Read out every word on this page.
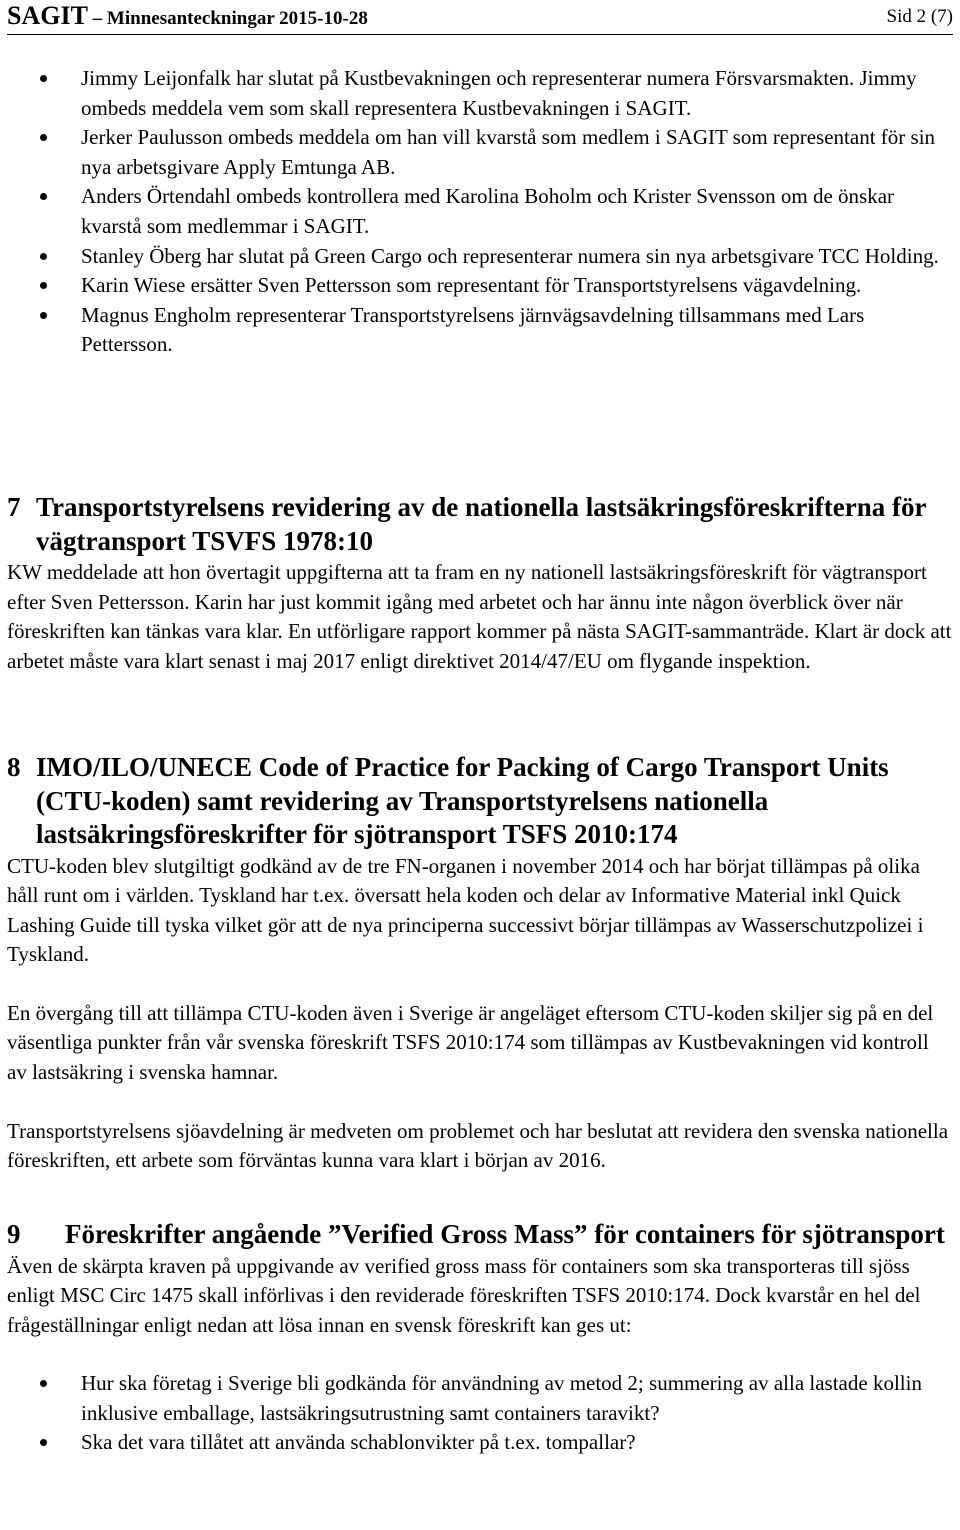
SAGIT – Minnesanteckningar 2015-10-28	Sid 2 (7)
Jimmy Leijonfalk har slutat på Kustbevakningen och representerar numera Försvarsmakten. Jimmy ombeds meddela vem som skall representera Kustbevakningen i SAGIT.
Jerker Paulusson ombeds meddela om han vill kvarstå som medlem i SAGIT som representant för sin nya arbetsgivare Apply Emtunga AB.
Anders Örtendahl ombeds kontrollera med Karolina Boholm och Krister Svensson om de önskar kvarstå som medlemmar i SAGIT.
Stanley Öberg har slutat på Green Cargo och representerar numera sin nya arbetsgivare TCC Holding.
Karin Wiese ersätter Sven Pettersson som representant för Transportstyrelsens vägavdelning.
Magnus Engholm representerar Transportstyrelsens järnvägsavdelning tillsammans med Lars Pettersson.
7 Transportstyrelsens revidering av de nationella lastsäkringsföreskrifterna för vägtransport TSVFS 1978:10

KW meddelade att hon övertagit uppgifterna att ta fram en ny nationell lastsäkringsföreskrift för vägtransport efter Sven Pettersson. Karin har just kommit igång med arbetet och har ännu inte någon överblick över när föreskriften kan tänkas vara klar. En utförligare rapport kommer på nästa SAGIT-sammanträde. Klart är dock att arbetet måste vara klart senast i maj 2017 enligt direktivet 2014/47/EU om flygande inspektion.

8 IMO/ILO/UNECE Code of Practice for Packing of Cargo Transport Units (CTU-koden) samt revidering av Transportstyrelsens nationella lastsäkringsföreskrifter för sjötransport TSFS 2010:174

CTU-koden blev slutgiltigt godkänd av de tre FN-organen i november 2014 och har börjat tillämpas på olika håll runt om i världen. Tyskland har t.ex. översatt hela koden och delar av Informative Material inkl Quick Lashing Guide till tyska vilket gör att de nya principerna successivt börjar tillämpas av Wasserschutzpolizei i Tyskland.

En övergång till att tillämpa CTU-koden även i Sverige är angeläget eftersom CTU-koden skiljer sig på en del väsentliga punkter från vår svenska föreskrift TSFS 2010:174 som tillämpas av Kustbevakningen vid kontroll av lastsäkring i svenska hamnar.

Transportstyrelsens sjöavdelning är medveten om problemet och har beslutat att revidera den svenska nationella föreskriften, ett arbete som förväntas kunna vara klart i början av 2016.

9 Föreskrifter angående ”Verified Gross Mass” för containers för sjötransport

Även de skärpta kraven på uppgivande av verified gross mass för containers som ska transporteras till sjöss enligt MSC Circ 1475 skall införlivas i den reviderade föreskriften TSFS 2010:174. Dock kvarstår en hel del frågeställningar enligt nedan att lösa innan en svensk föreskrift kan ges ut:

Hur ska företag i Sverige bli godkända för användning av metod 2; summering av alla lastade kollin inklusive emballage, lastsäkringsutrustning samt containers taravikt?
Ska det vara tillåtet att använda schablonvikter på t.ex. tompallar?
